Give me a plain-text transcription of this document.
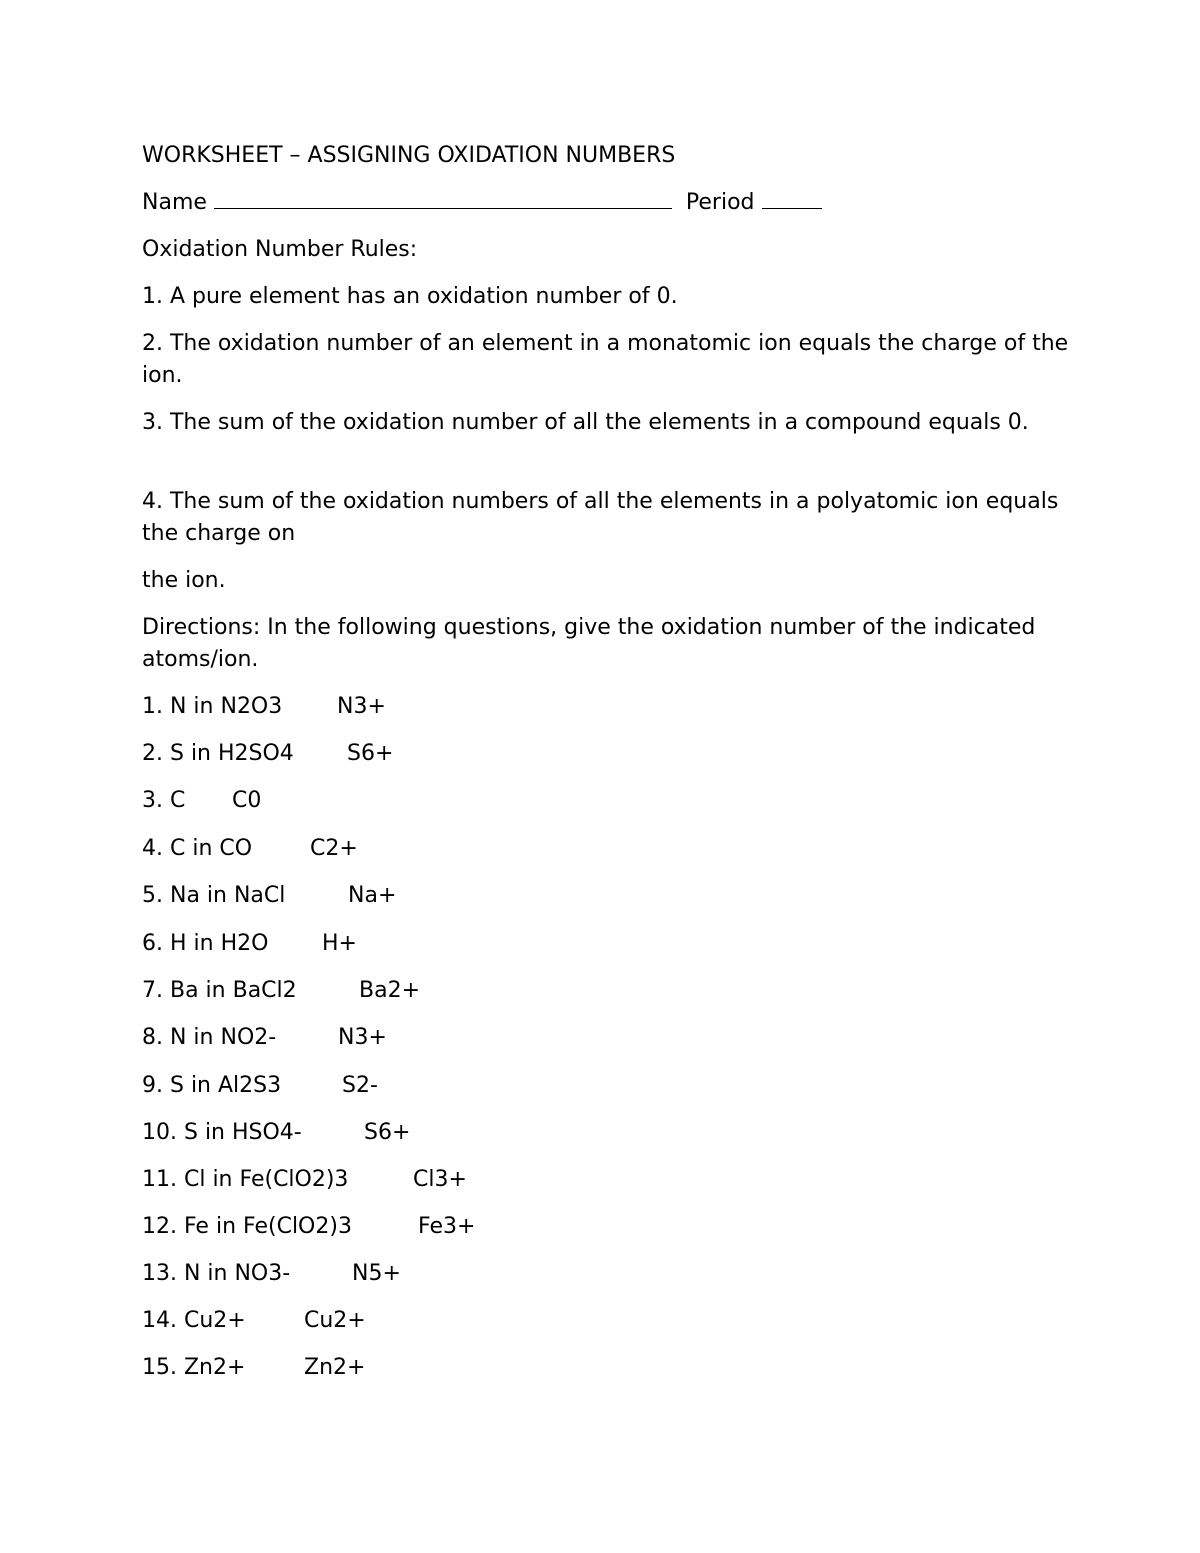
WORKSHEET – ASSIGNING OXIDATION NUMBERS

Name	Period

Oxidation Number Rules:

1. A pure element has an oxidation number of 0.

2. The oxidation number of an element in a monatomic ion equals the charge of the ion.

3. The sum of the oxidation number of all the elements in a compound equals 0.

4. The sum of the oxidation numbers of all the elements in a polyatomic ion equals the charge on

the ion.

Directions: In the following questions, give the oxidation number of the indicated atoms/ion.

1. N in N2O3 N3+
2. S in H2SO4 S6+
3. C C0
4. C in CO	C2+
5. Na in NaCl	Na+
6. H in H2O H+
7. Ba in BaCl2	Ba2+
8. N in NO2-	N3+
9. S in Al2S3	S2-
10. S in HSO4-	S6+
11. Cl in Fe(ClO2)3	Cl3+
12. Fe in Fe(ClO2)3	Fe3+
13. N in NO3-	N5+
14. Cu2+	Cu2+
15. Zn2+	Zn2+
